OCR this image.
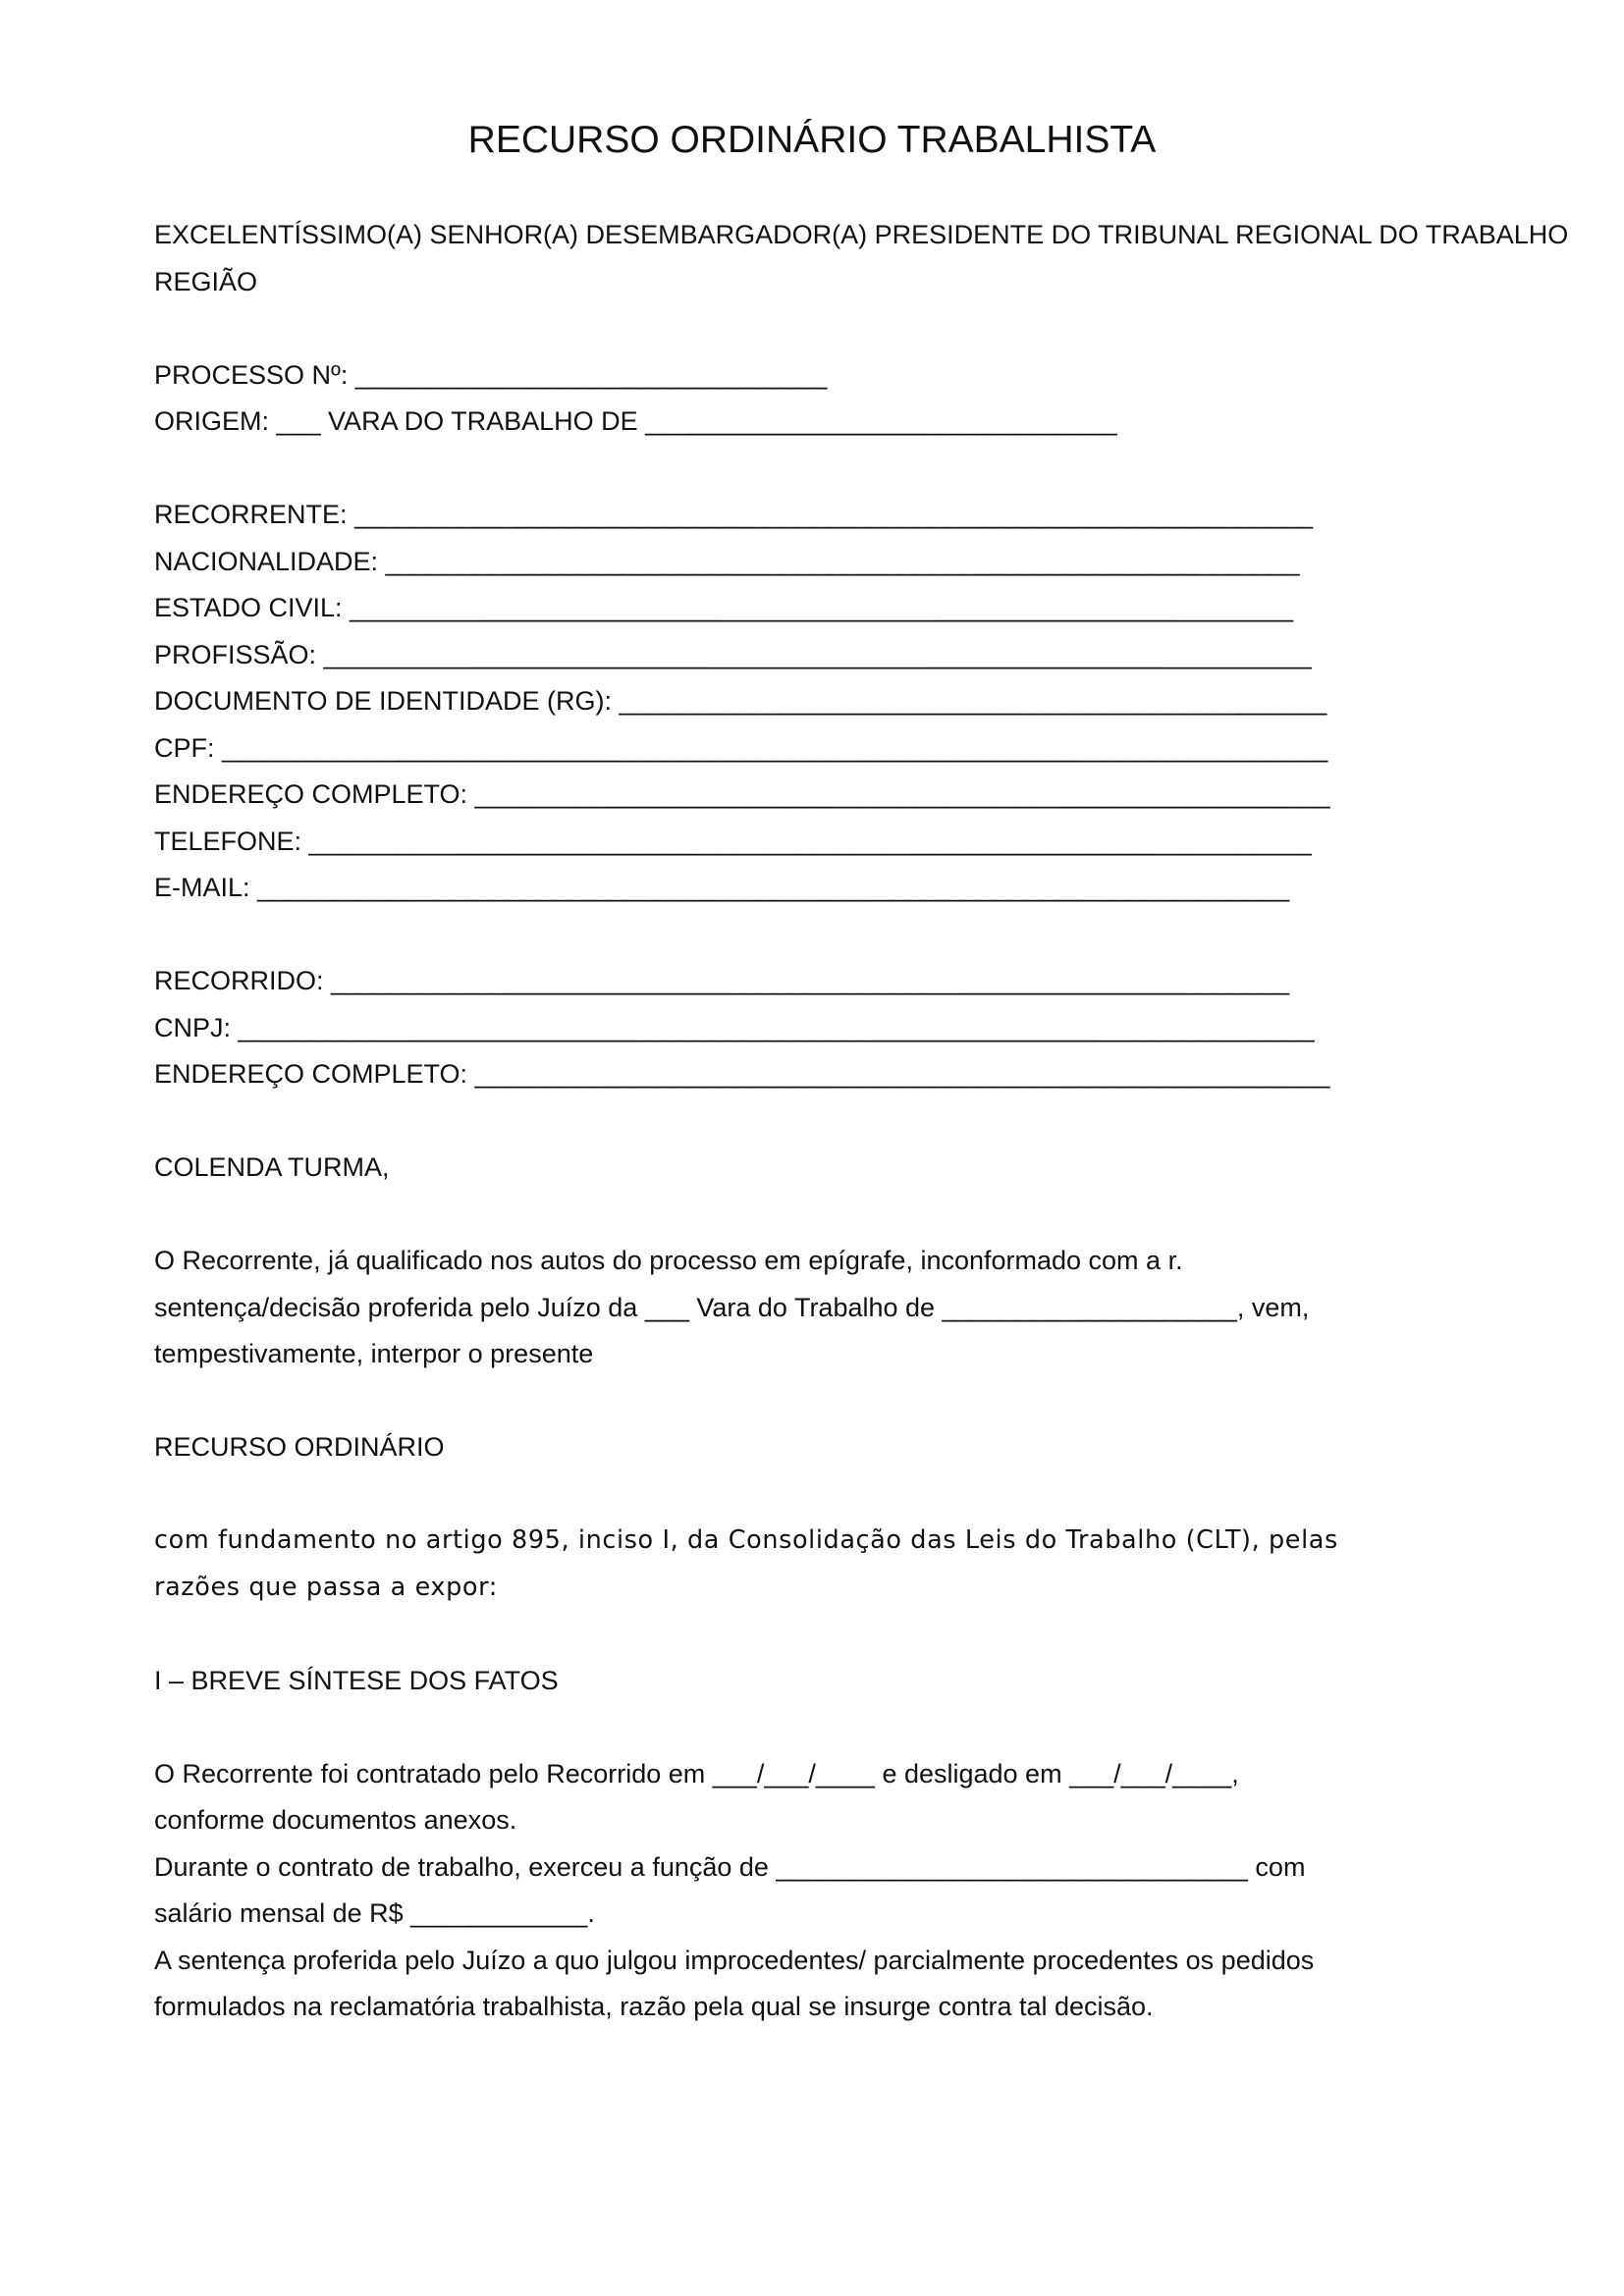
RECURSO ORDINÁRIO TRABALHISTA

EXCELENTÍSSIMO(A) SENHOR(A) DESEMBARGADOR(A) PRESIDENTE DO TRIBUNAL REGIONAL DO TRABALHO

REGIÃO

PROCESSO Nº: ________________________________

ORIGEM: ___ VARA DO TRABALHO DE ________________________________

RECORRENTE: _________________________________________________________________

NACIONALIDADE: ______________________________________________________________

ESTADO CIVIL: ________________________________________________________________

PROFISSÃO: ___________________________________________________________________

DOCUMENTO DE IDENTIDADE (RG): ________________________________________________

CPF: ___________________________________________________________________________

ENDEREÇO COMPLETO: __________________________________________________________

TELEFONE: ____________________________________________________________________

E-MAIL: ______________________________________________________________________

RECORRIDO: _________________________________________________________________

CNPJ: _________________________________________________________________________

ENDEREÇO COMPLETO: __________________________________________________________

COLENDA TURMA,

O Recorrente, já qualificado nos autos do processo em epígrafe, inconformado com a r.

sentença/decisão proferida pelo Juízo da ___ Vara do Trabalho de ____________________, vem,

tempestivamente, interpor o presente

RECURSO ORDINÁRIO

com fundamento no artigo 895, inciso I, da Consolidação das Leis do Trabalho (CLT), pelas

razões que passa a expor:

I – BREVE SÍNTESE DOS FATOS

O Recorrente foi contratado pelo Recorrido em ___/___/____ e desligado em ___/___/____,

conforme documentos anexos.

Durante o contrato de trabalho, exerceu a função de ________________________________ com

salário mensal de R$ ____________.

A sentença proferida pelo Juízo a quo julgou improcedentes/ parcialmente procedentes os pedidos

formulados na reclamatória trabalhista, razão pela qual se insurge contra tal decisão.
